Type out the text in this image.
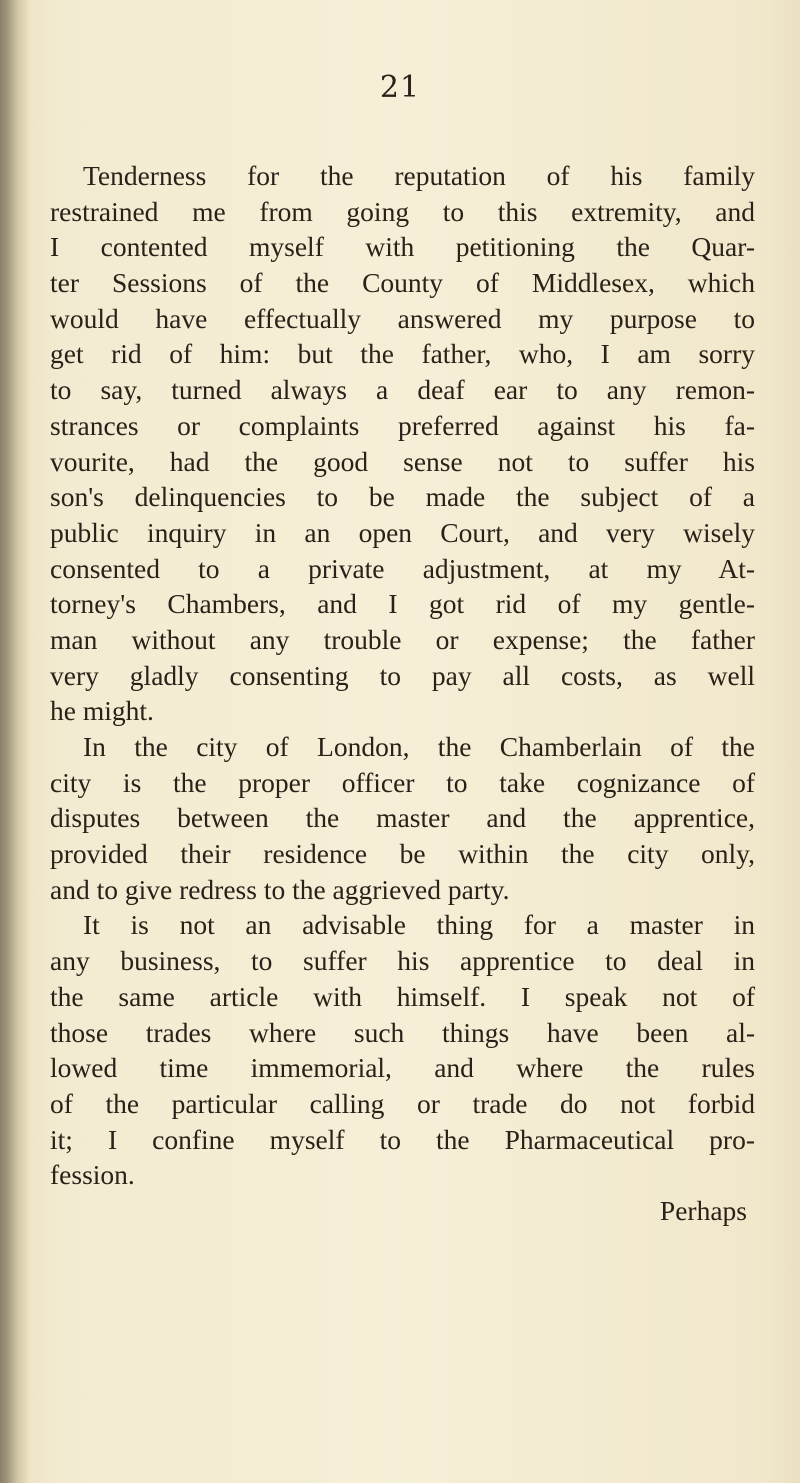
21
Tenderness for the reputation of his family
restrained me from going to this extremity, and
I contented myself with petitioning the Quar-
ter Sessions of the County of Middlesex, which
would have effectually answered my purpose to
get rid of him: but the father, who, I am sorry
to say, turned always a deaf ear to any remon-
strances or complaints preferred against his fa-
vourite, had the good sense not to suffer his
son's delinquencies to be made the subject of a
public inquiry in an open Court, and very wisely
consented to a private adjustment, at my At-
torney's Chambers, and I got rid of my gentle-
man without any trouble or expense; the father
very gladly consenting to pay all costs, as well
he might.
In the city of London, the Chamberlain of the
city is the proper officer to take cognizance of
disputes between the master and the apprentice,
provided their residence be within the city only,
and to give redress to the aggrieved party.
It is not an advisable thing for a master in
any business, to suffer his apprentice to deal in
the same article with himself. I speak not of
those trades where such things have been al-
lowed time immemorial, and where the rules
of the particular calling or trade do not forbid
it; I confine myself to the Pharmaceutical pro-
fession.
Perhaps
